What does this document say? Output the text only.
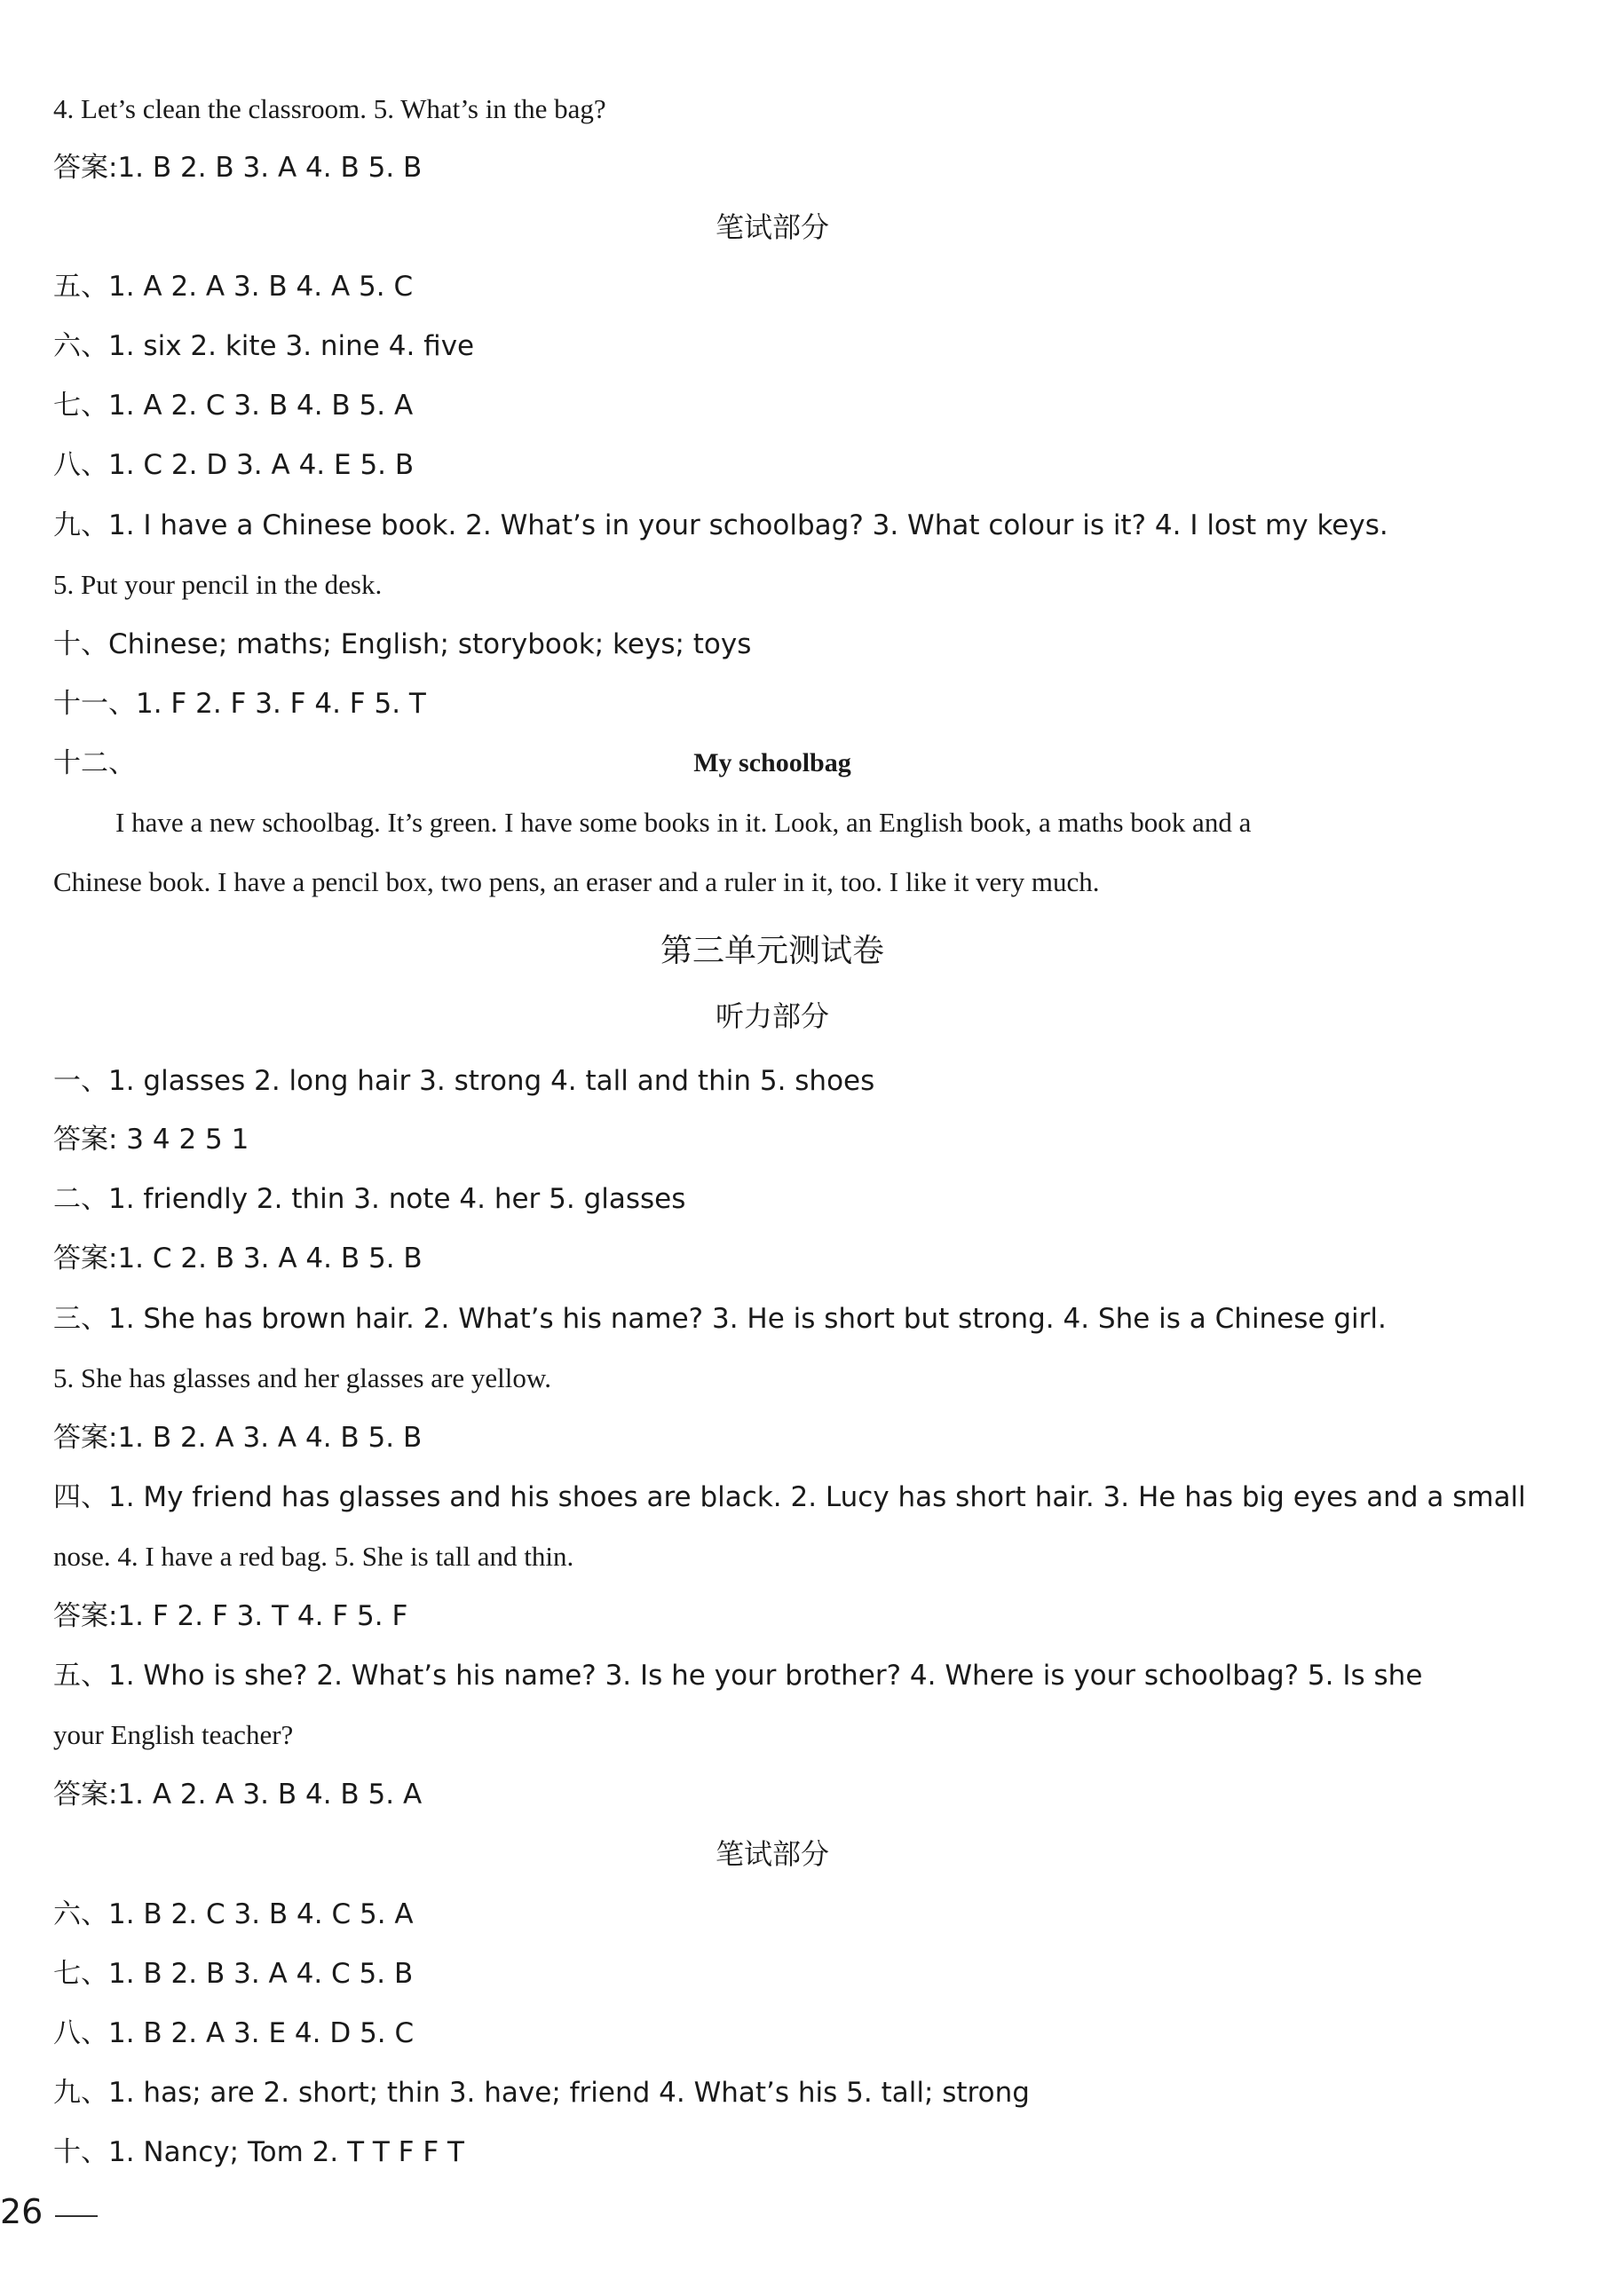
4. Let’s clean the classroom. 5. What’s in the bag?
答案:1. B 2. B 3. A 4. B 5. B
笔试部分
五、1. A 2. A 3. B 4. A 5. C
六、1. six 2. kite 3. nine 4. five
七、1. A 2. C 3. B 4. B 5. A
八、1. C 2. D 3. A 4. E 5. B
九、1. I have a Chinese book. 2. What’s in your schoolbag? 3. What colour is it? 4. I lost my keys.
5. Put your pencil in the desk.
十、Chinese; maths; English; storybook; keys; toys
十一、1. F 2. F 3. F 4. F 5. T
十二、	My schoolbag
I have a new schoolbag. It’s green. I have some books in it. Look, an English book, a maths book and a
Chinese book. I have a pencil box, two pens, an eraser and a ruler in it, too. I like it very much.
第三单元测试卷
听力部分
一、1. glasses 2. long hair 3. strong 4. tall and thin 5. shoes
答案: 3 4 2 5 1
二、1. friendly 2. thin 3. note 4. her 5. glasses
答案:1. C 2. B 3. A 4. B 5. B
三、1. She has brown hair. 2. What’s his name? 3. He is short but strong. 4. She is a Chinese girl.
5. She has glasses and her glasses are yellow.
答案:1. B 2. A 3. A 4. B 5. B
四、1. My friend has glasses and his shoes are black. 2. Lucy has short hair. 3. He has big eyes and a small
nose. 4. I have a red bag. 5. She is tall and thin.
答案:1. F 2. F 3. T 4. F 5. F
五、1. Who is she? 2. What’s his name? 3. Is he your brother? 4. Where is your schoolbag? 5. Is she
your English teacher?
答案:1. A 2. A 3. B 4. B 5. A
笔试部分
六、1. B 2. C 3. B 4. C 5. A
七、1. B 2. B 3. A 4. C 5. B
八、1. B 2. A 3. E 4. D 5. C
九、1. has; are 2. short; thin 3. have; friend 4. What’s his 5. tall; strong
十、1. Nancy; Tom 2. T T F F T
26
